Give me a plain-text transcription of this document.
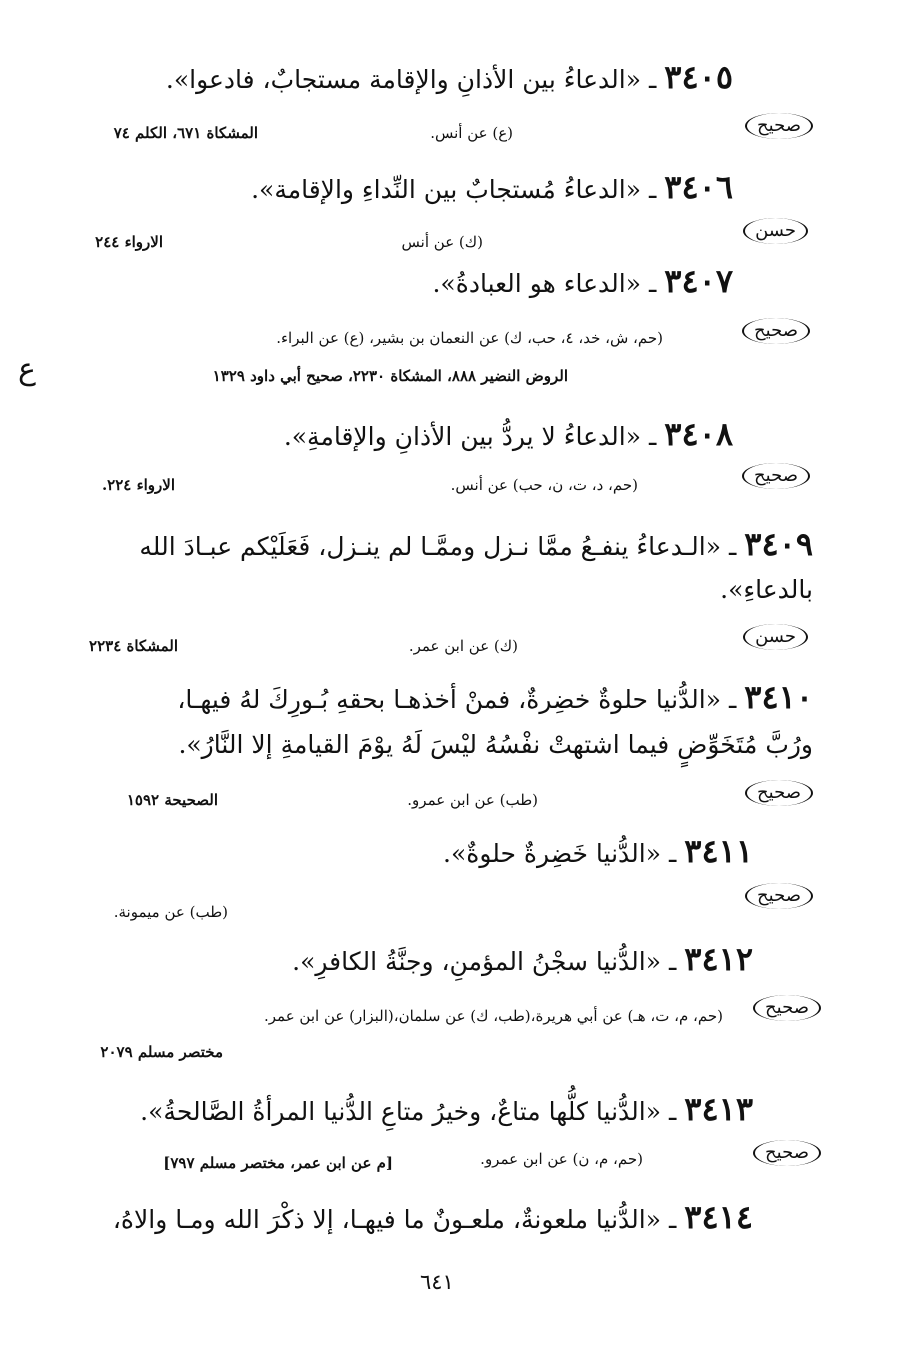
٣٤٠٥ ـ «الدعاءُ بين الأذانِ والإقامة مستجابٌ، فادعوا».
صحيح
(ع) عن أنس.
المشكاة ٦٧١، الكلم ٧٤
٣٤٠٦ ـ «الدعاءُ مُستجابٌ بين النِّداءِ والإقامة».
حسن
(ك) عن أنس
الارواء ٢٤٤
٣٤٠٧ ـ «الدعاء هو العبادةُ».
صحيح
(حم، ش، خد، ٤، حب، ك) عن النعمان بن بشير، (ع) عن البراء.
الروض النضير ٨٨٨، المشكاة ٢٢٣٠، صحيح أبي داود ١٣٢٩
ع
٣٤٠٨ ـ «الدعاءُ لا يردُّ بين الأذانِ والإقامةِ».
صحيح
(حم، د، ت، ن، حب) عن أنس.
الارواء ٢٢٤.
٣٤٠٩ ـ «الـدعاءُ ينفـعُ ممَّا نـزل وممَّـا لم ينـزل، فَعَلَيْكم عبـادَ الله
بالدعاءِ».
حسن
(ك) عن ابن عمر.
المشكاة ٢٢٣٤
٣٤١٠ ـ «الدُّنيا حلوةٌ خضِرةٌ، فمنْ أخذهـا بحقهِ بُـورِكَ لهُ فيهـا،
ورُبَّ مُتَخَوِّضٍ فيما اشتهتْ نفْسُهُ ليْسَ لَهُ يوْمَ القيامةِ إلا النَّارُ».
صحيح
(طب) عن ابن عمرو.
الصحيحة ١٥٩٢
٣٤١١ ـ «الدُّنيا خَضِرةٌ حلوةٌ».
صحيح
(طب) عن ميمونة.
٣٤١٢ ـ «الدُّنيا سجْنُ المؤمنِ، وجنَّةُ الكافرِ».
صحيح
(حم، م، ت، هـ) عن أبي هريرة،(طب، ك) عن سلمان،(البزار) عن ابن عمر.
مختصر مسلم ٢٠٧٩
٣٤١٣ ـ «الدُّنيا كلُّها متاعٌ، وخيرُ متاعِ الدُّنيا المرأةُ الصَّالحةُ».
صحيح
(حم، م، ن) عن ابن عمرو.
[م عن ابن عمر، مختصر مسلم ٧٩٧]
٣٤١٤ ـ «الدُّنيا ملعونةٌ، ملعـونٌ ما فيهـا، إلا ذكْرَ الله ومـا والاهُ،
٦٤١
